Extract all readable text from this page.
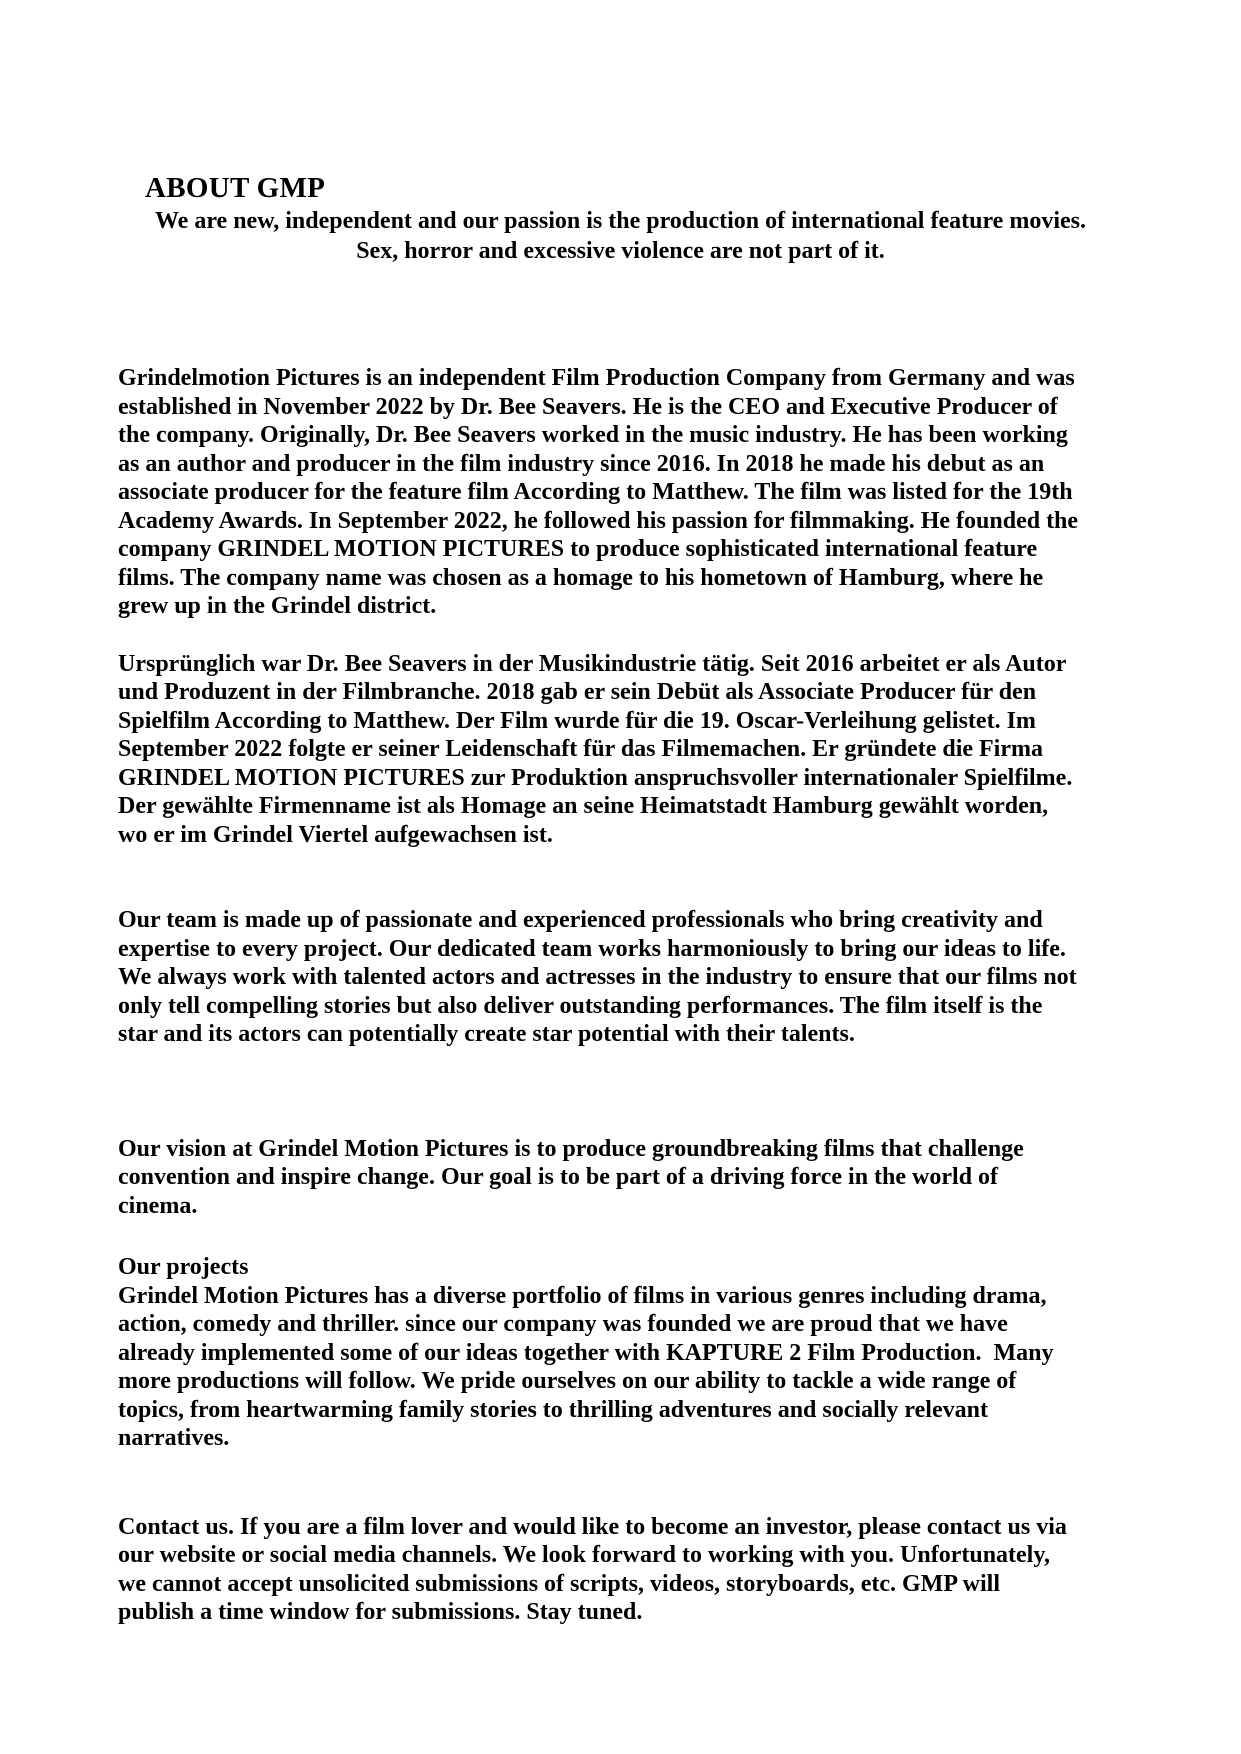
ABOUT GMP
We are new, independent and our passion is the production of international feature movies.
Sex, horror and excessive violence are not part of it.
Grindelmotion Pictures is an independent Film Production Company from Germany and was
established in November 2022 by Dr. Bee Seavers. He is the CEO and Executive Producer of
the company. Originally, Dr. Bee Seavers worked in the music industry. He has been working
as an author and producer in the film industry since 2016. In 2018 he made his debut as an
associate producer for the feature film According to Matthew. The film was listed for the 19th
Academy Awards. In September 2022, he followed his passion for filmmaking. He founded the
company GRINDEL MOTION PICTURES to produce sophisticated international feature
films. The company name was chosen as a homage to his hometown of Hamburg, where he
grew up in the Grindel district.
Ursprünglich war Dr. Bee Seavers in der Musikindustrie tätig. Seit 2016 arbeitet er als Autor
und Produzent in der Filmbranche. 2018 gab er sein Debüt als Associate Producer für den
Spielfilm According to Matthew. Der Film wurde für die 19. Oscar-Verleihung gelistet. Im
September 2022 folgte er seiner Leidenschaft für das Filmemachen. Er gründete die Firma
GRINDEL MOTION PICTURES zur Produktion anspruchsvoller internationaler Spielfilme.
Der gewählte Firmenname ist als Homage an seine Heimatstadt Hamburg gewählt worden,
wo er im Grindel Viertel aufgewachsen ist.
Our team is made up of passionate and experienced professionals who bring creativity and
expertise to every project. Our dedicated team works harmoniously to bring our ideas to life.
We always work with talented actors and actresses in the industry to ensure that our films not
only tell compelling stories but also deliver outstanding performances. The film itself is the
star and its actors can potentially create star potential with their talents.
Our vision at Grindel Motion Pictures is to produce groundbreaking films that challenge
convention and inspire change. Our goal is to be part of a driving force in the world of
cinema.
Our projects
Grindel Motion Pictures has a diverse portfolio of films in various genres including drama,
action, comedy and thriller. since our company was founded we are proud that we have
already implemented some of our ideas together with KAPTURE 2 Film Production.  Many
more productions will follow. We pride ourselves on our ability to tackle a wide range of
topics, from heartwarming family stories to thrilling adventures and socially relevant
narratives.
Contact us. If you are a film lover and would like to become an investor, please contact us via
our website or social media channels. We look forward to working with you. Unfortunately,
we cannot accept unsolicited submissions of scripts, videos, storyboards, etc. GMP will
publish a time window for submissions. Stay tuned.
